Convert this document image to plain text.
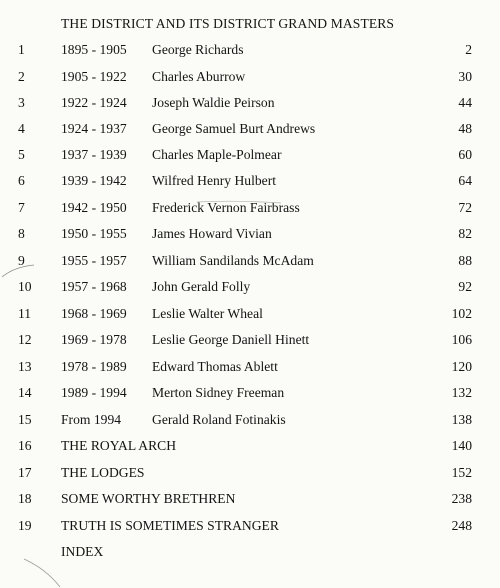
THE DISTRICT AND ITS DISTRICT GRAND MASTERS
1	1895 - 1905 George Richards	2
2	1905 - 1922 Charles Aburrow	30
3	1922 - 1924 Joseph Waldie Peirson	44
4	1924 - 1937 George Samuel Burt Andrews	48
5	1937 - 1939 Charles Maple-Polmear	60
6	1939 - 1942 Wilfred Henry Hulbert	64
7	1942 - 1950 Frederick Vernon Fairbrass	72
8	1950 - 1955 James Howard Vivian	82
9	1955 - 1957 William Sandilands McAdam	88
10	1957 - 1968 John Gerald Folly	92
11	1968 - 1969 Leslie Walter Wheal	102
12	1969 - 1978 Leslie George Daniell Hinett	106
13	1978 - 1989 Edward Thomas Ablett	120
14	1989 - 1994 Merton Sidney Freeman	132
15	From 1994 Gerald Roland Fotinakis	138
16	THE ROYAL ARCH	140
17	THE LODGES	152
18	SOME WORTHY BRETHREN	238
19	TRUTH IS SOMETIMES STRANGER	248
INDEX
